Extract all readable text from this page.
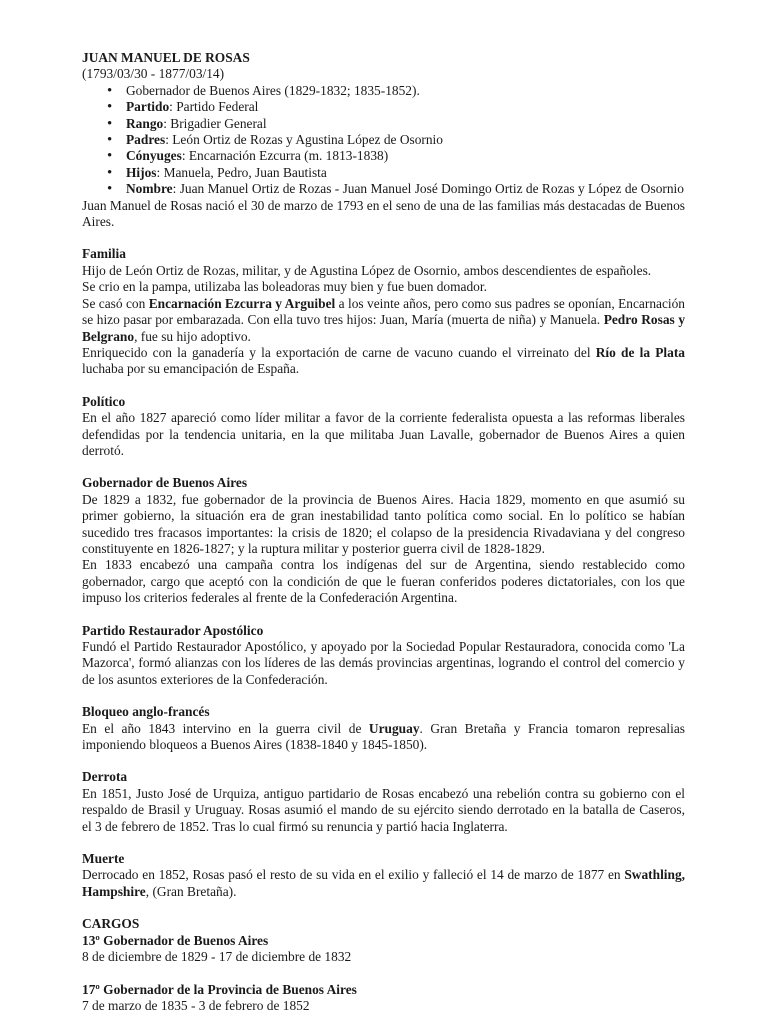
JUAN MANUEL DE ROSAS
(1793/03/30 - 1877/03/14)
• Gobernador de Buenos Aires (1829-1832; 1835-1852).
• Partido: Partido Federal
• Rango: Brigadier General
• Padres: León Ortiz de Rozas y Agustina López de Osornio
• Cónyuges: Encarnación Ezcurra (m. 1813-1838)
• Hijos: Manuela, Pedro, Juan Bautista
• Nombre: Juan Manuel Ortiz de Rozas - Juan Manuel José Domingo Ortiz de Rozas y López de Osornio

Juan Manuel de Rosas nació el 30 de marzo de 1793 en el seno de una de las familias más destacadas de Buenos Aires.

Familia

Hijo de León Ortiz de Rozas, militar, y de Agustina López de Osornio, ambos descendientes de españoles.

Se crio en la pampa, utilizaba las boleadoras muy bien y fue buen domador.

Se casó con Encarnación Ezcurra y Arguibel a los veinte años, pero como sus padres se oponían, Encarnación se hizo pasar por embarazada. Con ella tuvo tres hijos: Juan, María (muerta de niña) y Manuela. Pedro Rosas y Belgrano, fue su hijo adoptivo.

Enriquecido con la ganadería y la exportación de carne de vacuno cuando el virreinato del Río de la Plata luchaba por su emancipación de España.

Político

En el año 1827 apareció como líder militar a favor de la corriente federalista opuesta a las reformas liberales defendidas por la tendencia unitaria, en la que militaba Juan Lavalle, gobernador de Buenos Aires a quien derrotó.

Gobernador de Buenos Aires

De 1829 a 1832, fue gobernador de la provincia de Buenos Aires. Hacia 1829, momento en que asumió su primer gobierno, la situación era de gran inestabilidad tanto política como social. En lo político se habían sucedido tres fracasos importantes: la crisis de 1820; el colapso de la presidencia Rivadaviana y del congreso constituyente en 1826-1827; y la ruptura militar y posterior guerra civil de 1828-1829.

En 1833 encabezó una campaña contra los indígenas del sur de Argentina, siendo restablecido como gobernador, cargo que aceptó con la condición de que le fueran conferidos poderes dictatoriales, con los que impuso los criterios federales al frente de la Confederación Argentina.

Partido Restaurador Apostólico

Fundó el Partido Restaurador Apostólico, y apoyado por la Sociedad Popular Restauradora, conocida como 'La Mazorca', formó alianzas con los líderes de las demás provincias argentinas, logrando el control del comercio y de los asuntos exteriores de la Confederación.

Bloqueo anglo-francés

En el año 1843 intervino en la guerra civil de Uruguay. Gran Bretaña y Francia tomaron represalias imponiendo bloqueos a Buenos Aires (1838-1840 y 1845-1850).

Derrota

En 1851, Justo José de Urquiza, antiguo partidario de Rosas encabezó una rebelión contra su gobierno con el respaldo de Brasil y Uruguay. Rosas asumió el mando de su ejército siendo derrotado en la batalla de Caseros, el 3 de febrero de 1852. Tras lo cual firmó su renuncia y partió hacia Inglaterra.

Muerte

Derrocado en 1852, Rosas pasó el resto de su vida en el exilio y falleció el 14 de marzo de 1877 en Swathling, Hampshire, (Gran Bretaña).

CARGOS
13º Gobernador de Buenos Aires
8 de diciembre de 1829 - 17 de diciembre de 1832
17º Gobernador de la Provincia de Buenos Aires
7 de marzo de 1835 - 3 de febrero de 1852
